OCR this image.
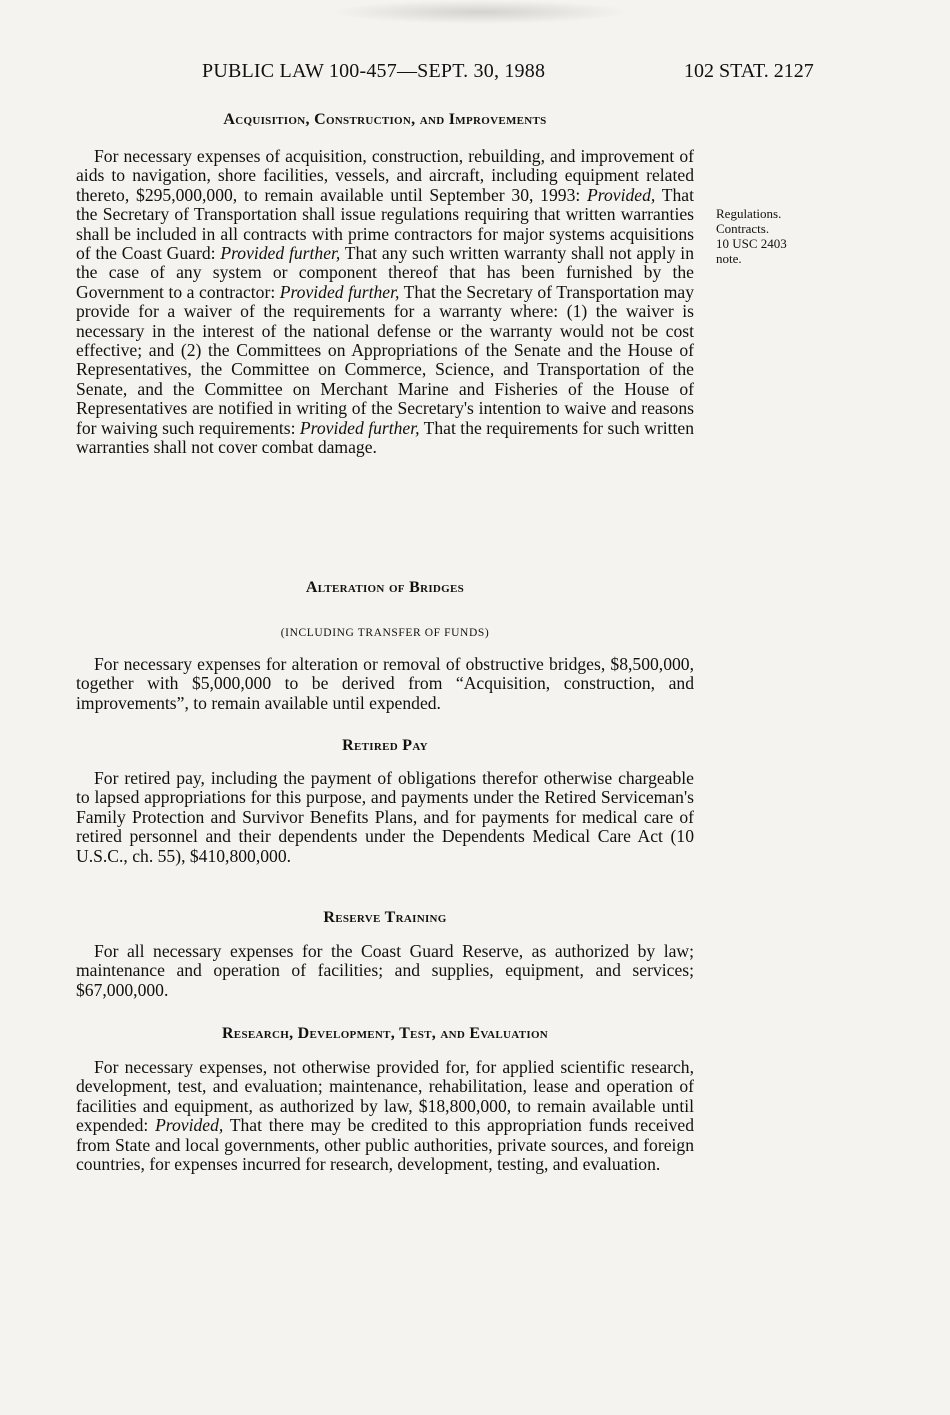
PUBLIC LAW 100-457—SEPT. 30, 1988	102 STAT. 2127
Acquisition, Construction, and Improvements

For necessary expenses of acquisition, construction, rebuilding, and improvement of aids to navigation, shore facilities, vessels, and aircraft, including equipment related thereto, $295,000,000, to remain available until September 30, 1993: Provided, That the Secretary of Transportation shall issue regulations requiring that written warranties shall be included in all contracts with prime contractors for major systems acquisitions of the Coast Guard: Provided further, That any such written warranty shall not apply in the case of any system or component thereof that has been furnished by the Government to a contractor: Provided further, That the Secretary of Transportation may provide for a waiver of the requirements for a warranty where: (1) the waiver is necessary in the interest of the national defense or the warranty would not be cost effective; and (2) the Committees on Appropriations of the Senate and the House of Representatives, the Committee on Commerce, Science, and Transportation of the Senate, and the Committee on Merchant Marine and Fisheries of the House of Representatives are notified in writing of the Secretary's intention to waive and reasons for waiving such requirements: Provided further, That the requirements for such written warranties shall not cover combat damage.

Regulations.
Contracts.
10 USC 2403
note.
Alteration of Bridges
(INCLUDING TRANSFER OF FUNDS)

For necessary expenses for alteration or removal of obstructive bridges, $8,500,000, together with $5,000,000 to be derived from “Acquisition, construction, and improvements”, to remain available until expended.

Retired Pay

For retired pay, including the payment of obligations therefor otherwise chargeable to lapsed appropriations for this purpose, and payments under the Retired Serviceman's Family Protection and Survivor Benefits Plans, and for payments for medical care of retired personnel and their dependents under the Dependents Medical Care Act (10 U.S.C., ch. 55), $410,800,000.

Reserve Training

For all necessary expenses for the Coast Guard Reserve, as authorized by law; maintenance and operation of facilities; and supplies, equipment, and services; $67,000,000.

Research, Development, Test, and Evaluation

For necessary expenses, not otherwise provided for, for applied scientific research, development, test, and evaluation; maintenance, rehabilitation, lease and operation of facilities and equipment, as authorized by law, $18,800,000, to remain available until expended: Provided, That there may be credited to this appropriation funds received from State and local governments, other public authorities, private sources, and foreign countries, for expenses incurred for research, development, testing, and evaluation.
